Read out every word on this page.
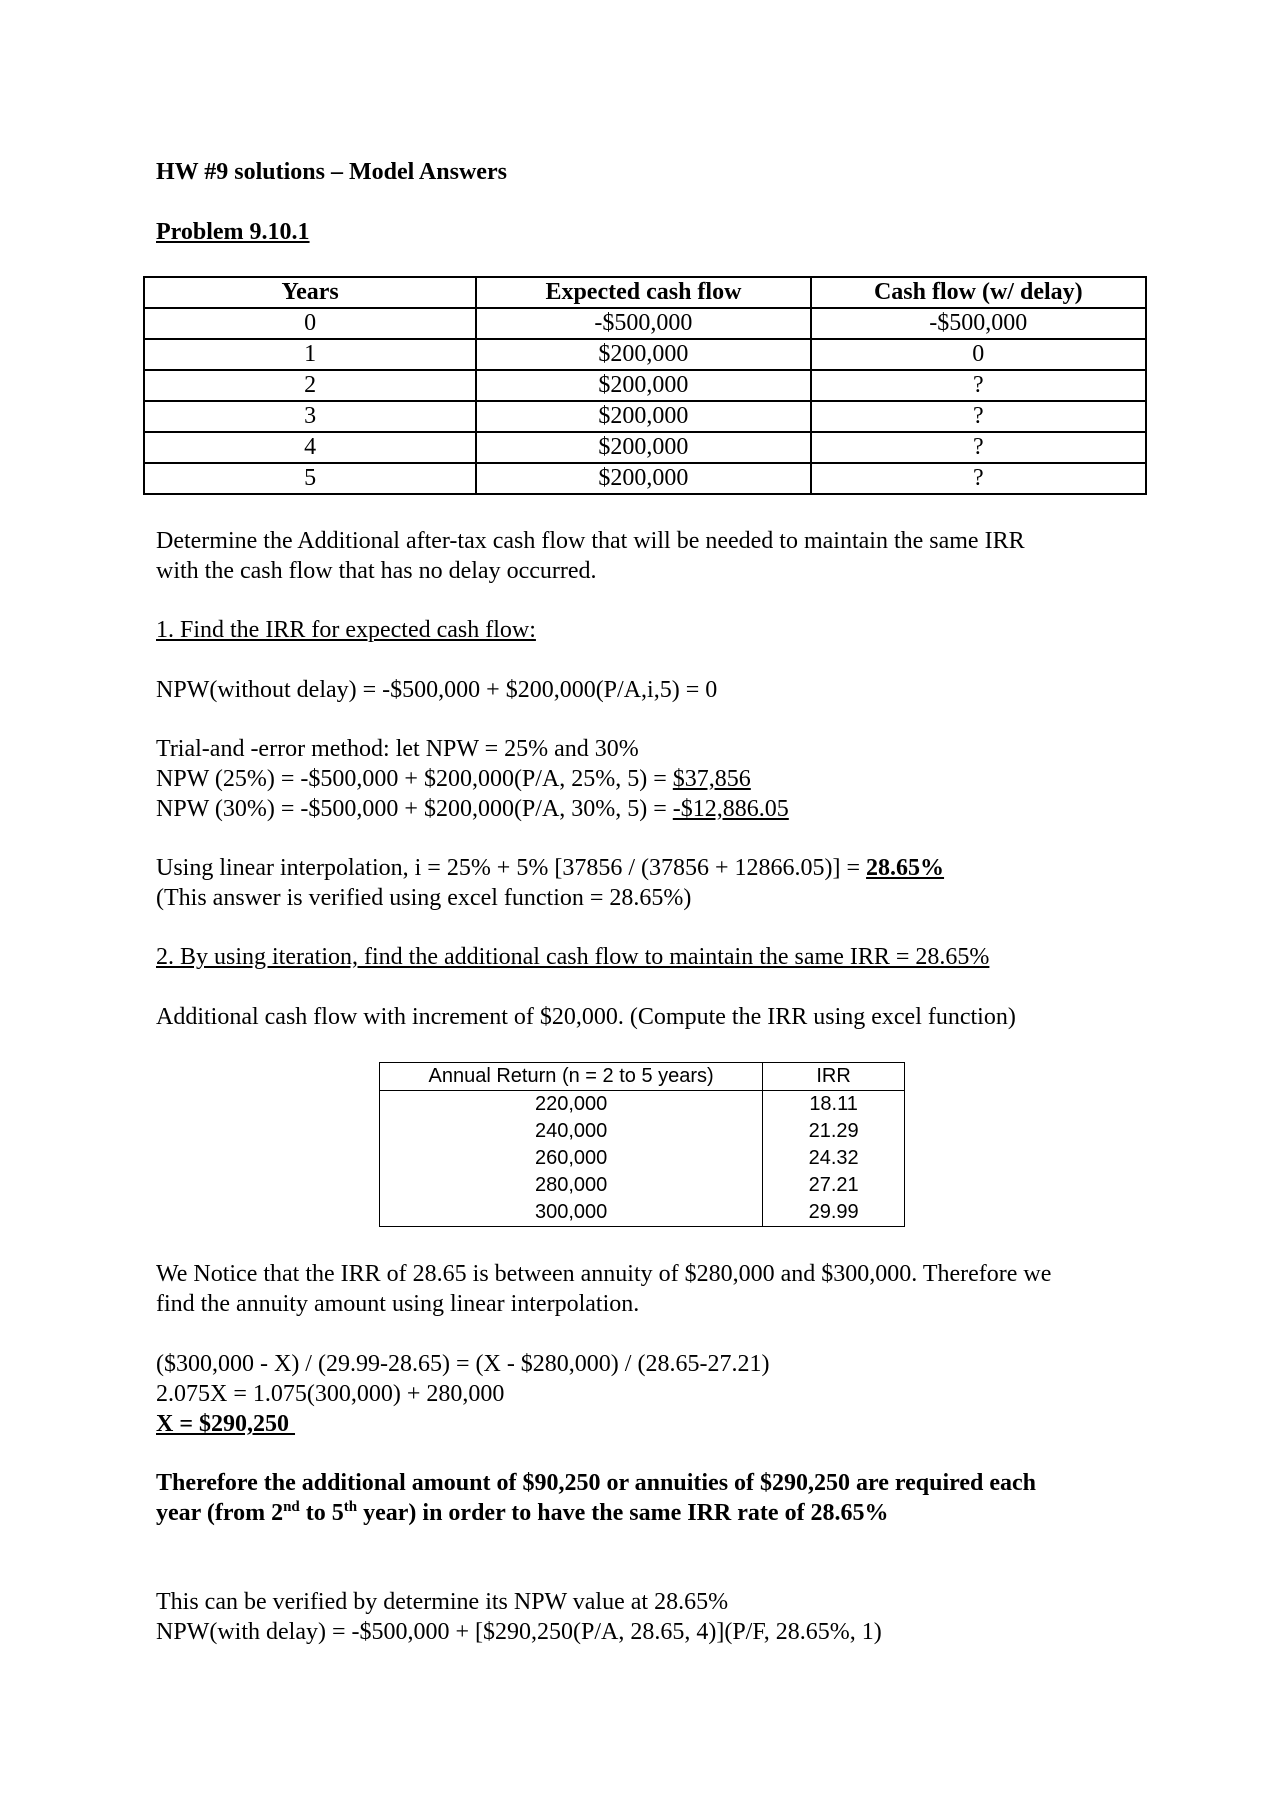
HW #9 solutions – Model Answers
Problem 9.10.1
Years	Expected cash flow	Cash flow (w/ delay)
0	-$500,000	-$500,000
1	$200,000	0
2	$200,000	?
3	$200,000	?
4	$200,000	?
5	$200,000	?
Determine the Additional after-tax cash flow that will be needed to maintain the same IRR
with the cash flow that has no delay occurred.
1. Find the IRR for expected cash flow:
NPW(without delay) = -$500,000 + $200,000(P/A,i,5) = 0
Trial-and -error method: let NPW = 25% and 30%
NPW (25%) = -$500,000 + $200,000(P/A, 25%, 5) = $37,856
NPW (30%) = -$500,000 + $200,000(P/A, 30%, 5) = -$12,886.05
Using linear interpolation, i = 25% + 5% [37856 / (37856 + 12866.05)] = 28.65%
(This answer is verified using excel function = 28.65%)
2. By using iteration, find the additional cash flow to maintain the same IRR = 28.65%
Additional cash flow with increment of $20,000. (Compute the IRR using excel function)
Annual Return (n = 2 to 5 years)	IRR
220,000	18.11
240,000	21.29
260,000	24.32
280,000	27.21
300,000	29.99
We Notice that the IRR of 28.65 is between annuity of $280,000 and $300,000. Therefore we
find the annuity amount using linear interpolation.
($300,000 - X) / (29.99-28.65) = (X - $280,000) / (28.65-27.21)
2.075X = 1.075(300,000) + 280,000
X = $290,250
Therefore the additional amount of $90,250 or annuities of $290,250 are required each
year (from 2nd to 5th year) in order to have the same IRR rate of 28.65%
This can be verified by determine its NPW value at 28.65%
NPW(with delay) = -$500,000 + [$290,250(P/A, 28.65, 4)](P/F, 28.65%, 1)
